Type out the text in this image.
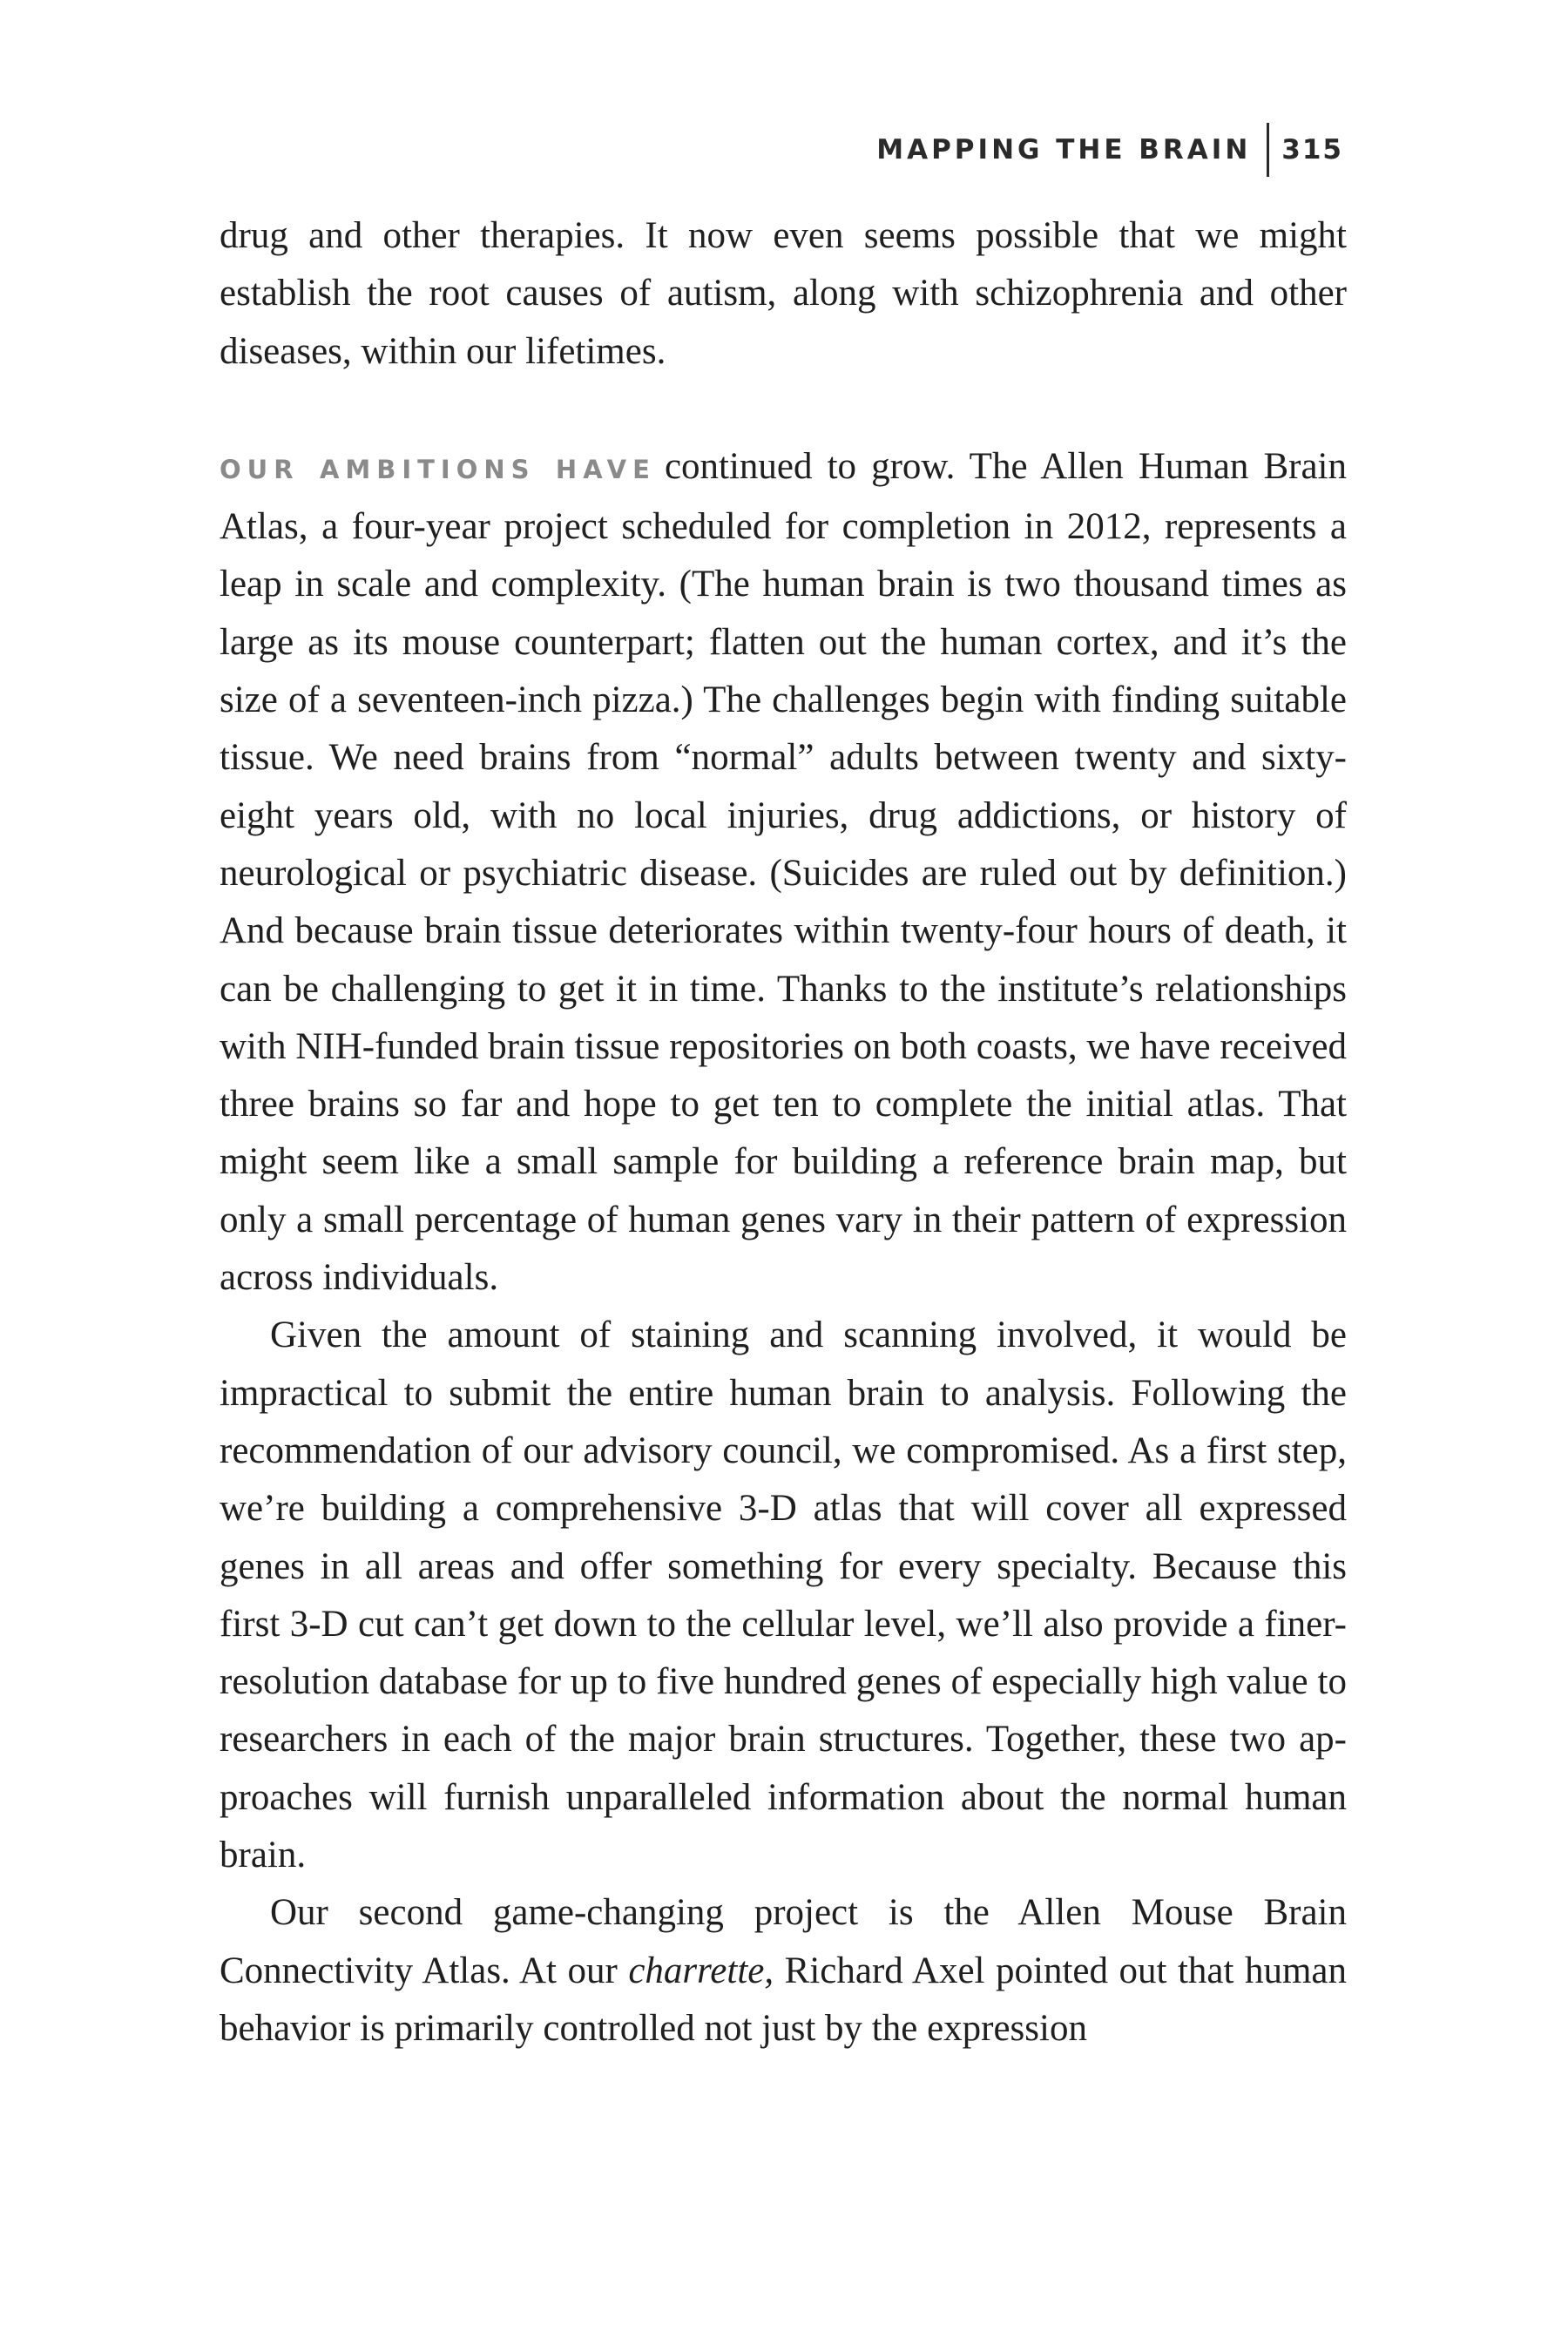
MAPPING THE BRAIN 315

drug and other therapies. It now even seems possible that we might establish the root causes of autism, along with schizophrenia and other diseases, within our lifetimes.

OUR AMBITIONS HAVE continued to grow. The Allen Human Brain Atlas, a four-year project scheduled for completion in 2012, represents a leap in scale and complexity. (The human brain is two thousand times as large as its mouse counterpart; flatten out the human cortex, and it’s the size of a seventeen-inch pizza.) The challenges begin with finding suitable tissue. We need brains from “normal” adults between twenty and sixty-eight years old, with no local injuries, drug addictions, or history of neurological or psychiatric disease. (Suicides are ruled out by definition.) And because brain tissue deteriorates within twenty-four hours of death, it can be challenging to get it in time. Thanks to the institute’s relationships with NIH-funded brain tissue repositories on both coasts, we have received three brains so far and hope to get ten to complete the initial atlas. That might seem like a small sample for building a reference brain map, but only a small percentage of human genes vary in their pattern of expression across individuals.

Given the amount of staining and scanning involved, it would be impractical to submit the entire human brain to analysis. Following the recommendation of our advisory council, we compromised. As a first step, we’re building a comprehensive 3-D atlas that will cover all expressed genes in all areas and offer something for every specialty. Because this first 3-D cut can’t get down to the cellular level, we’ll also provide a finer-resolution database for up to five hundred genes of especially high value to researchers in each of the major brain structures. Together, these two approaches will furnish unparalleled information about the normal human brain.

Our second game-changing project is the Allen Mouse Brain Connectivity Atlas. At our charrette, Richard Axel pointed out that human behavior is primarily controlled not just by the expression
